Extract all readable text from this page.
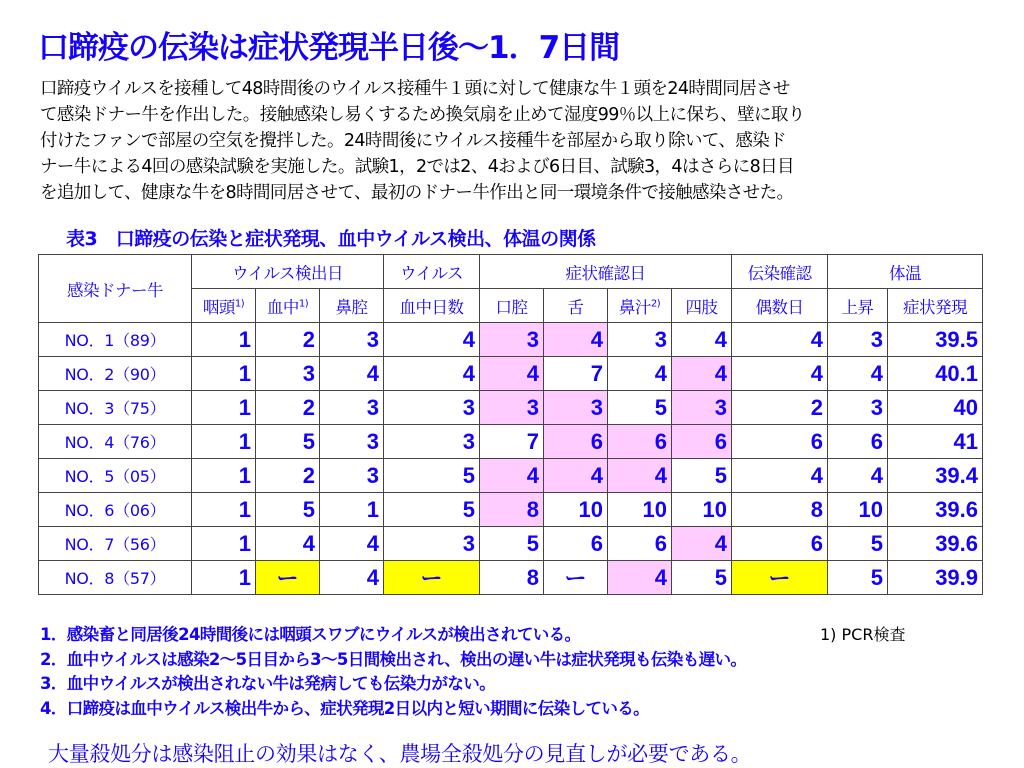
口蹄疫の伝染は症状発現半日後～1．7日間
口蹄疫ウイルスを接種して48時間後のウイルス接種牛１頭に対して健康な牛１頭を24時間同居させ
て感染ドナー牛を作出した。接触感染し易くするため換気扇を止めて湿度99％以上に保ち、壁に取り
付けたファンで部屋の空気を攪拌した。24時間後にウイルス接種牛を部屋から取り除いて、感染ド
ナー牛による4回の感染試験を実施した。試験1，2では2、4および6日目、試験3，4はさらに8日目
を追加して、健康な牛を8時間同居させて、最初のドナー牛作出と同一環境条件で接触感染させた。
表3　口蹄疫の伝染と症状発現、血中ウイルス検出、体温の関係
感染ドナー牛	ウイルス検出日			ウイルス	症状確認日				伝染確認	体温	
	咽頭$^{1)}$	血中$^{1)}$	鼻腔	血中日数	口腔	舌	鼻汁$^{2)}$	四肢	偶数日	上昇	症状発現
NO．1（89）	1	2	3	4	3	4	3	4	4	3	39.5
NO．2（90）	1	3	4	4	4	7	4	4	4	4	40.1
NO．3（75）	1	2	3	3	3	3	5	3	2	3	40
NO．4（76）	1	5	3	3	7	6	6	6	6	6	41
NO．5（05）	1	2	3	5	4	4	4	5	4	4	39.4
NO．6（06）	1	5	1	5	8	10	10	10	8	10	39.6
NO．7（56）	1	4	4	3	5	6	6	4	6	5	39.6
NO．8（57）	1	ー	4	ー	8	ー	4	5	ー	5	39.9
1) PCR検査
1．感染畜と同居後24時間後には咽頭スワブにウイルスが検出されている。
2．血中ウイルスは感染2～5日目から3～5日間検出され、検出の遅い牛は症状発現も伝染も遅い。
3．血中ウイルスが検出されない牛は発病しても伝染力がない。
4．口蹄疫は血中ウイルス検出牛から、症状発現2日以内と短い期間に伝染している。
大量殺処分は感染阻止の効果はなく、農場全殺処分の見直しが必要である。
